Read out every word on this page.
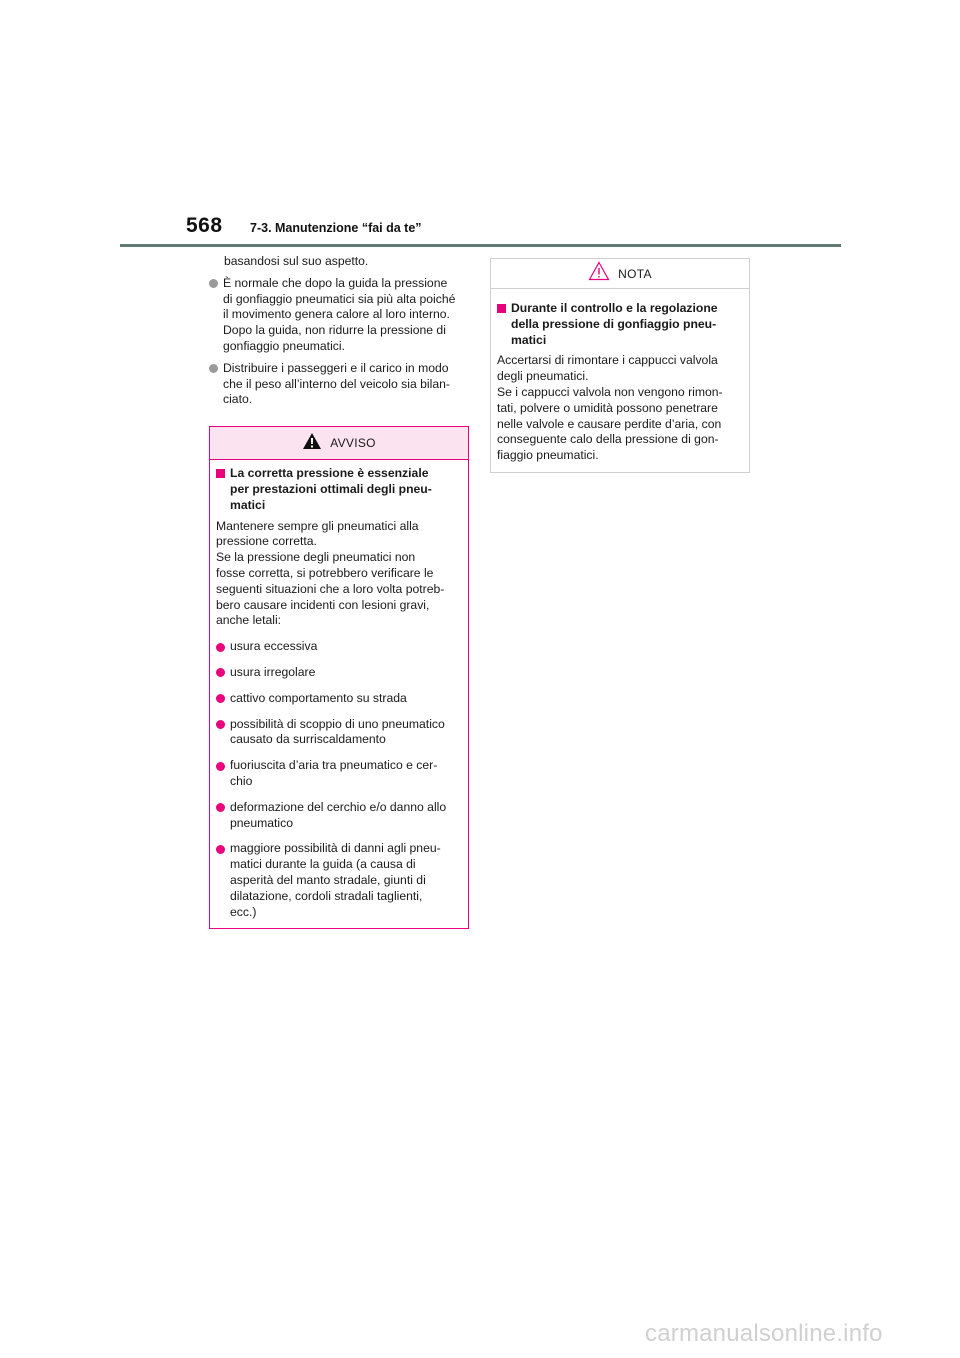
568 7-3. Manutenzione “fai da te”

basandosi sul suo aspetto.

È normale che dopo la guida la pressione
di gonfiaggio pneumatici sia più alta poiché
il movimento genera calore al loro interno.
Dopo la guida, non ridurre la pressione di
gonfiaggio pneumatici.
Distribuire i passeggeri e il carico in modo
che il peso all’interno del veicolo sia bilan-
ciato.
AVVISO
La corretta pressione è essenziale
per prestazioni ottimali degli pneu-
matici
Mantenere sempre gli pneumatici alla
pressione corretta.
Se la pressione degli pneumatici non
fosse corretta, si potrebbero verificare le
seguenti situazioni che a loro volta potreb-
bero causare incidenti con lesioni gravi,
anche letali:
usura eccessiva
usura irregolare
cattivo comportamento su strada
possibilità di scoppio di uno pneumatico
causato da surriscaldamento
fuoriuscita d’aria tra pneumatico e cer-
chio
deformazione del cerchio e/o danno allo
pneumatico
maggiore possibilità di danni agli pneu-
matici durante la guida (a causa di
asperità del manto stradale, giunti di
dilatazione, cordoli stradali taglienti,
ecc.)
NOTA
Durante il controllo e la regolazione
della pressione di gonfiaggio pneu-
matici
Accertarsi di rimontare i cappucci valvola
degli pneumatici.
Se i cappucci valvola non vengono rimon-
tati, polvere o umidità possono penetrare
nelle valvole e causare perdite d’aria, con
conseguente calo della pressione di gon-
fiaggio pneumatici.
carmanualsonline.info
